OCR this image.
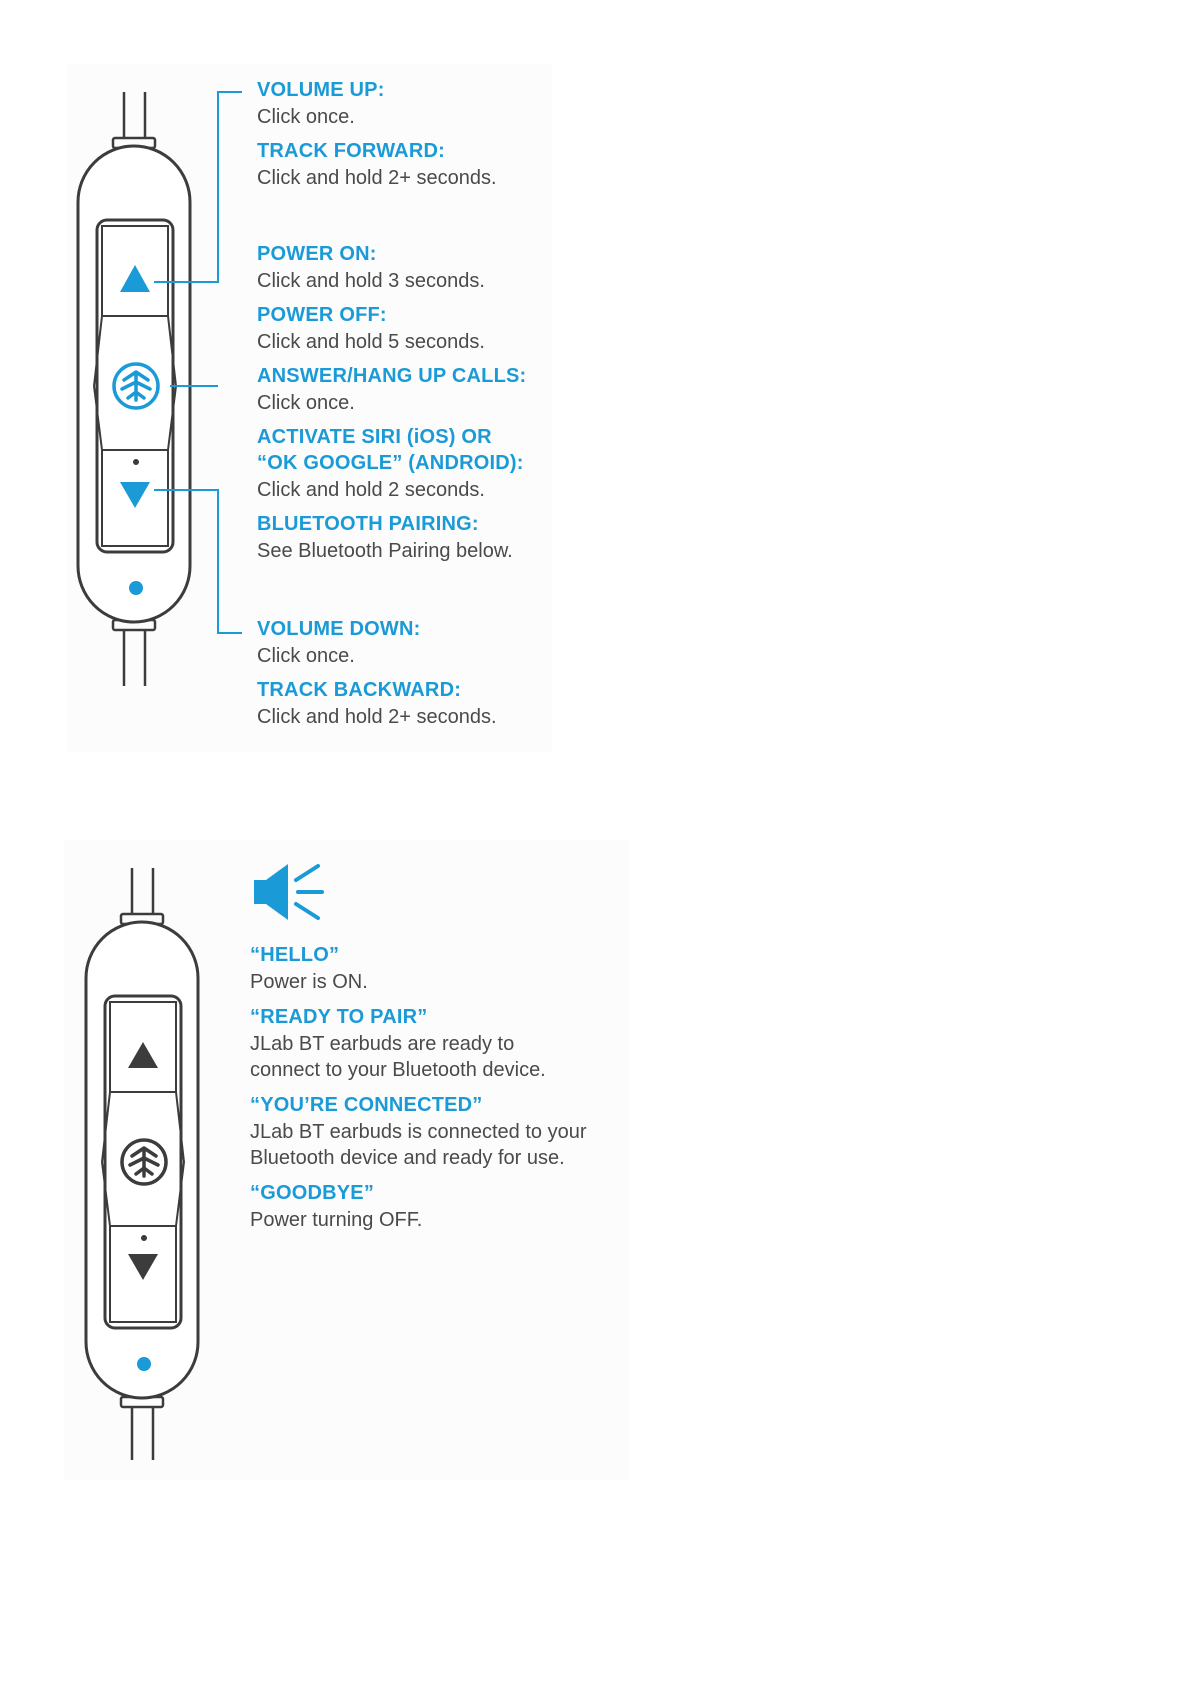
VOLUME UP:
Click once.
TRACK FORWARD:
Click and hold 2+ seconds.
POWER ON:
Click and hold 3 seconds.
POWER OFF:
Click and hold 5 seconds.
ANSWER/HANG UP CALLS:
Click once.
ACTIVATE SIRI (iOS) OR
“OK GOOGLE” (ANDROID):
Click and hold 2 seconds.
BLUETOOTH PAIRING:
See Bluetooth Pairing below.
VOLUME DOWN:
Click once.
TRACK BACKWARD:
Click and hold 2+ seconds.
“HELLO”
Power is ON.
“READY TO PAIR”
JLab BT earbuds are ready to
connect to your Bluetooth device.
“YOU’RE CONNECTED”
JLab BT earbuds is connected to your
Bluetooth device and ready for use.
“GOODBYE”
Power turning OFF.
